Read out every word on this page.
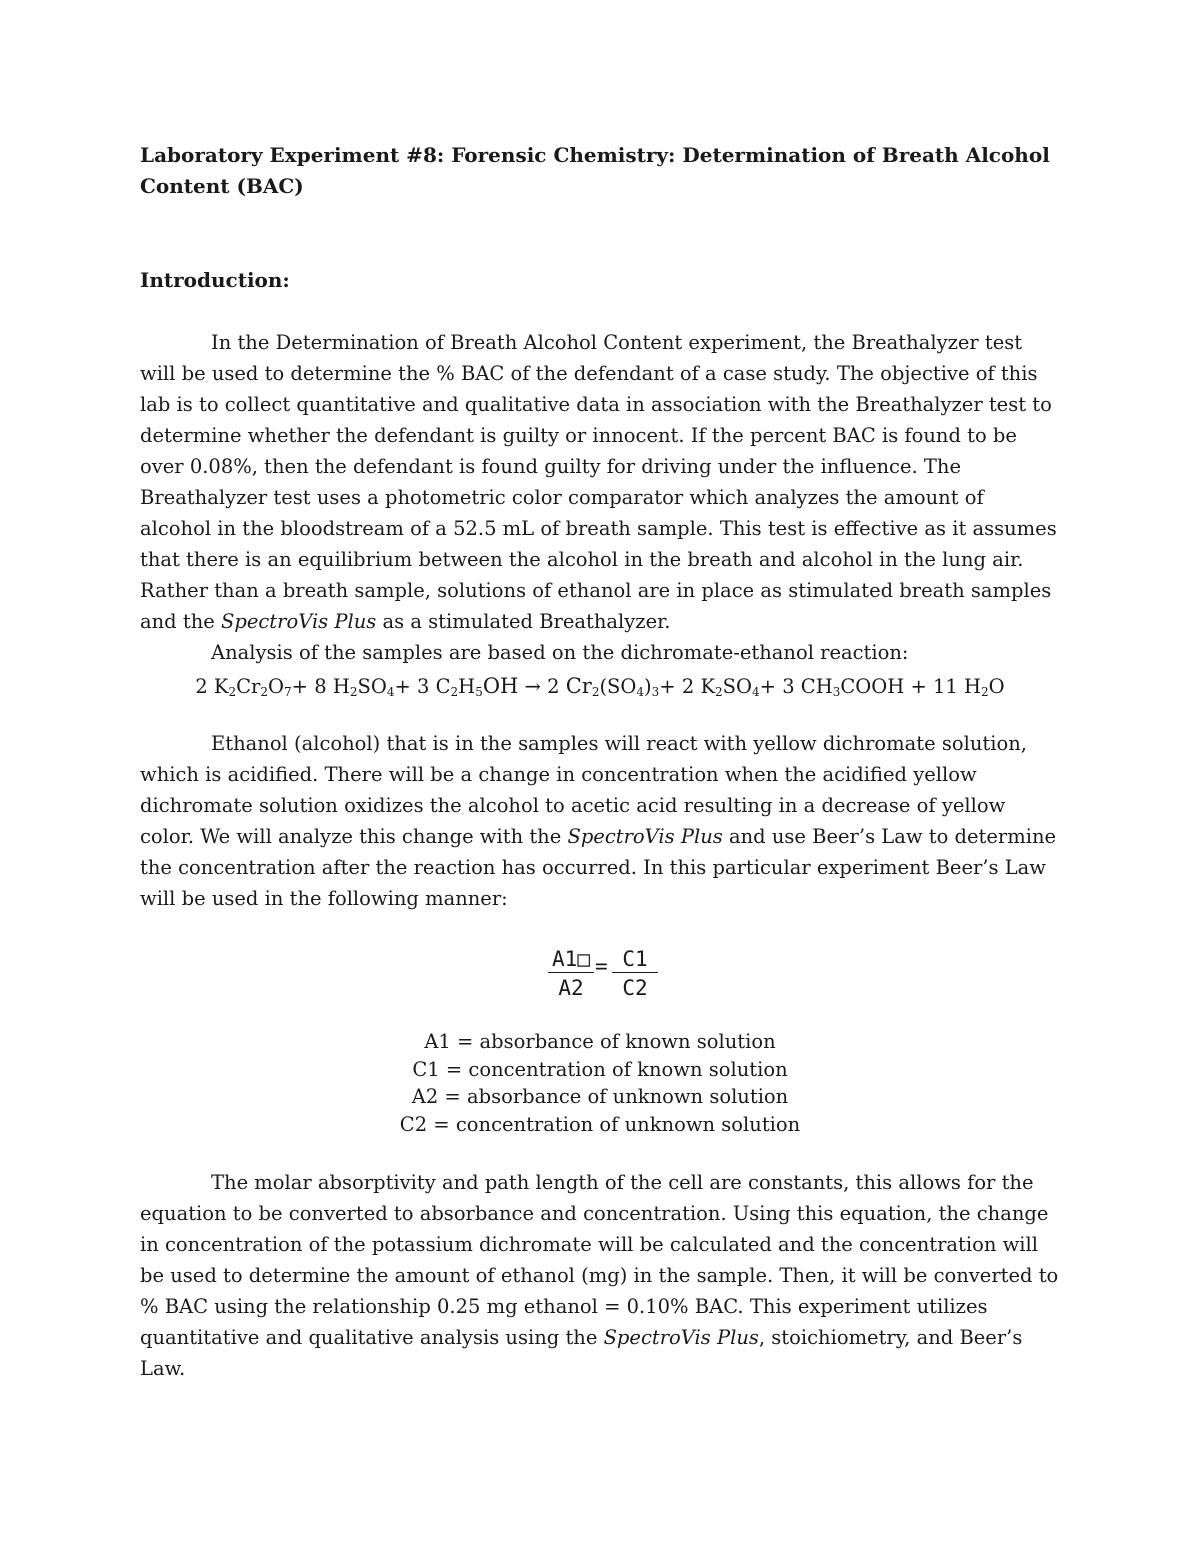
Laboratory Experiment #8: Forensic Chemistry: Determination of Breath Alcohol Content (BAC)

Introduction:

In the Determination of Breath Alcohol Content experiment, the Breathalyzer test will be used to determine the % BAC of the defendant of a case study. The objective of this lab is to collect quantitative and qualitative data in association with the Breathalyzer test to determine whether the defendant is guilty or innocent. If the percent BAC is found to be over 0.08%, then the defendant is found guilty for driving under the influence. The Breathalyzer test uses a photometric color comparator which analyzes the amount of alcohol in the bloodstream of a 52.5 mL of breath sample. This test is effective as it assumes that there is an equilibrium between the alcohol in the breath and alcohol in the lung air. Rather than a breath sample, solutions of ethanol are in place as stimulated breath samples and the SpectroVis Plus as a stimulated Breathalyzer.
Analysis of the samples are based on the dichromate-ethanol reaction:

2 $K_2Cr_2O_7+ 8$ $H_2SO_4+ 3$ $C_2H_5OH \to 2$ $Cr_2(SO_4)_3+ 2$ $K_2SO_4+ 3$ $CH_3COOH + 11$ $H_2O$

Ethanol (alcohol) that is in the samples will react with yellow dichromate solution, which is acidified. There will be a change in concentration when the acidified yellow dichromate solution oxidizes the alcohol to acetic acid resulting in a decrease of yellow color. We will analyze this change with the SpectroVis Plus and use Beer’s Law to determine the concentration after the reaction has occurred. In this particular experiment Beer’s Law will be used in the following manner:

$\frac{A1□}{A2} = \frac{C1}{C2}$
A1 = absorbance of known solution
C1 = concentration of known solution
A2 = absorbance of unknown solution
C2 = concentration of unknown solution

The molar absorptivity and path length of the cell are constants, this allows for the equation to be converted to absorbance and concentration. Using this equation, the change in concentration of the potassium dichromate will be calculated and the concentration will be used to determine the amount of ethanol (mg) in the sample. Then, it will be converted to % BAC using the relationship 0.25 mg ethanol = 0.10% BAC. This experiment utilizes quantitative and qualitative analysis using the SpectroVis Plus, stoichiometry, and Beer’s Law.
